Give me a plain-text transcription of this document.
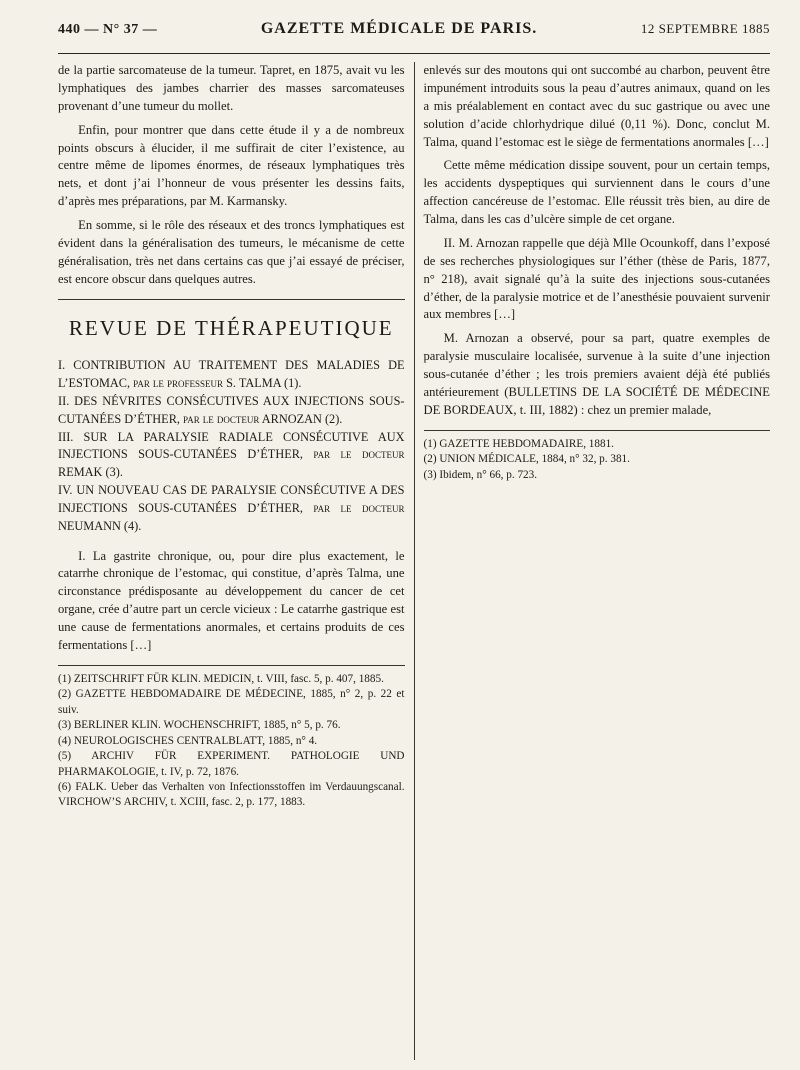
440 — N° 37 —	GAZETTE MÉDICALE DE PARIS.	12 SEPTEMBRE 1885

de la partie sarcomateuse de la tumeur. Tapret, en 1875, avait vu les lymphatiques des jambes charrier des masses sarcomateuses provenant d’une tumeur du mollet.

Enfin, pour montrer que dans cette étude il y a de nombreux points obscurs à élucider, il me suffirait de citer l’existence, au centre même de lipomes énormes, de réseaux lymphatiques très nets, et dont j’ai l’honneur de vous présenter les dessins faits, d’après mes préparations, par M. Karmansky.

En somme, si le rôle des réseaux et des troncs lymphatiques est évident dans la généralisation des tumeurs, le mécanisme de cette généralisation, très net dans certains cas que j’ai essayé de préciser, est encore obscur dans quelques autres.

REVUE DE THÉRAPEUTIQUE
I. CONTRIBUTION AU TRAITEMENT DES MALADIES DE L’ESTOMAC, par le professeur S. TALMA (1).
II. DES NÉVRITES CONSÉCUTIVES AUX INJECTIONS SOUS-CUTANÉES D’ÉTHER, par le docteur ARNOZAN (2).
III. SUR LA PARALYSIE RADIALE CONSÉCUTIVE AUX INJECTIONS SOUS-CUTANÉES D’ÉTHER, par le docteur REMAK (3).
IV. UN NOUVEAU CAS DE PARALYSIE CONSÉCUTIVE A DES INJECTIONS SOUS-CUTANÉES D’ÉTHER, par le docteur NEUMANN (4).

I. La gastrite chronique, ou, pour dire plus exactement, le catarrhe chronique de l’estomac, qui constitue, d’après Talma, une circonstance prédisposante au développement du cancer de cet organe, crée d’autre part un cercle vicieux : Le catarrhe gastrique est une cause de fermentations anormales, et certains produits de ces fermentations […]

(1) ZEITSCHRIFT FÜR KLIN. MEDICIN, t. VIII, fasc. 5, p. 407, 1885.
(2) GAZETTE HEBDOMADAIRE DE MÉDECINE, 1885, n° 2, p. 22 et suiv.
(3) BERLINER KLIN. WOCHENSCHRIFT, 1885, n° 5, p. 76.
(4) NEUROLOGISCHES CENTRALBLATT, 1885, n° 4.
(5) ARCHIV FÜR EXPERIMENT. PATHOLOGIE UND PHARMAKOLOGIE, t. IV, p. 72, 1876.
(6) FALK. Ueber das Verhalten von Infectionsstoffen im Verdauungscanal. VIRCHOW’S ARCHIV, t. XCIII, fasc. 2, p. 177, 1883.

enlevés sur des moutons qui ont succombé au charbon, peuvent être impunément introduits sous la peau d’autres animaux, quand on les a mis préalablement en contact avec du suc gastrique ou avec une solution d’acide chlorhydrique dilué (0,11 %). Donc, conclut M. Talma, quand l’estomac est le siège de fermentations anormales […]

Cette même médication dissipe souvent, pour un certain temps, les accidents dyspeptiques qui surviennent dans le cours d’une affection cancéreuse de l’estomac. Elle réussit très bien, au dire de Talma, dans les cas d’ulcère simple de cet organe.

II. M. Arnozan rappelle que déjà Mlle Ocounkoff, dans l’exposé de ses recherches physiologiques sur l’éther (thèse de Paris, 1877, n° 218), avait signalé qu’à la suite des injections sous-cutanées d’éther, de la paralysie motrice et de l’anesthésie pouvaient survenir aux membres […]

M. Arnozan a observé, pour sa part, quatre exemples de paralysie musculaire localisée, survenue à la suite d’une injection sous-cutanée d’éther ; les trois premiers avaient déjà été publiés antérieurement (BULLETINS DE LA SOCIÉTÉ DE MÉDECINE DE BORDEAUX, t. III, 1882) : chez un premier malade,

(1) GAZETTE HEBDOMADAIRE, 1881.
(2) UNION MÉDICALE, 1884, n° 32, p. 381.
(3) Ibidem, n° 66, p. 723.
